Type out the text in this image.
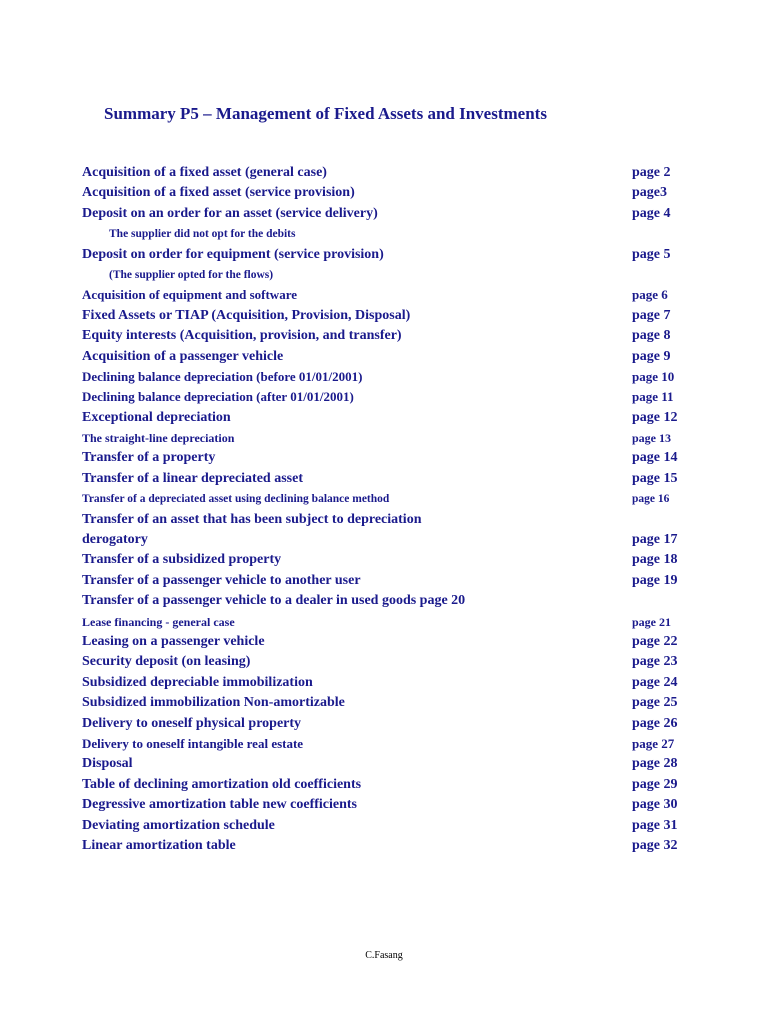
Summary P5 – Management of Fixed Assets and Investments
Acquisition of a fixed asset (general case)	page 2
Acquisition of a fixed asset (service provision)	page3
Deposit on an order for an asset (service delivery)	page 4
The supplier did not opt for the debits
Deposit on order for equipment (service provision)	page 5
(The supplier opted for the flows)
Acquisition of equipment and software	page 6
Fixed Assets or TIAP (Acquisition, Provision, Disposal)	page 7
Equity interests (Acquisition, provision, and transfer)	page 8
Acquisition of a passenger vehicle	page 9
Declining balance depreciation (before 01/01/2001)	page 10
Declining balance depreciation (after 01/01/2001)	page 11
Exceptional depreciation	page 12
The straight-line depreciation	page 13
Transfer of a property	page 14
Transfer of a linear depreciated asset	page 15
Transfer of a depreciated asset using declining balance method	page 16
Transfer of an asset that has been subject to depreciation
derogatory	page 17
Transfer of a subsidized property	page 18
Transfer of a passenger vehicle to another user	page 19
Transfer of a passenger vehicle to a dealer in used goods page 20
Lease financing - general case	page 21
Leasing on a passenger vehicle	page 22
Security deposit (on leasing)	page 23
Subsidized depreciable immobilization	page 24
Subsidized immobilization Non-amortizable	page 25
Delivery to oneself physical property	page 26
Delivery to oneself intangible real estate	page 27
Disposal	page 28
Table of declining amortization old coefficients	page 29
Degressive amortization table new coefficients	page 30
Deviating amortization schedule	page 31
Linear amortization table	page 32
C.Fasang
